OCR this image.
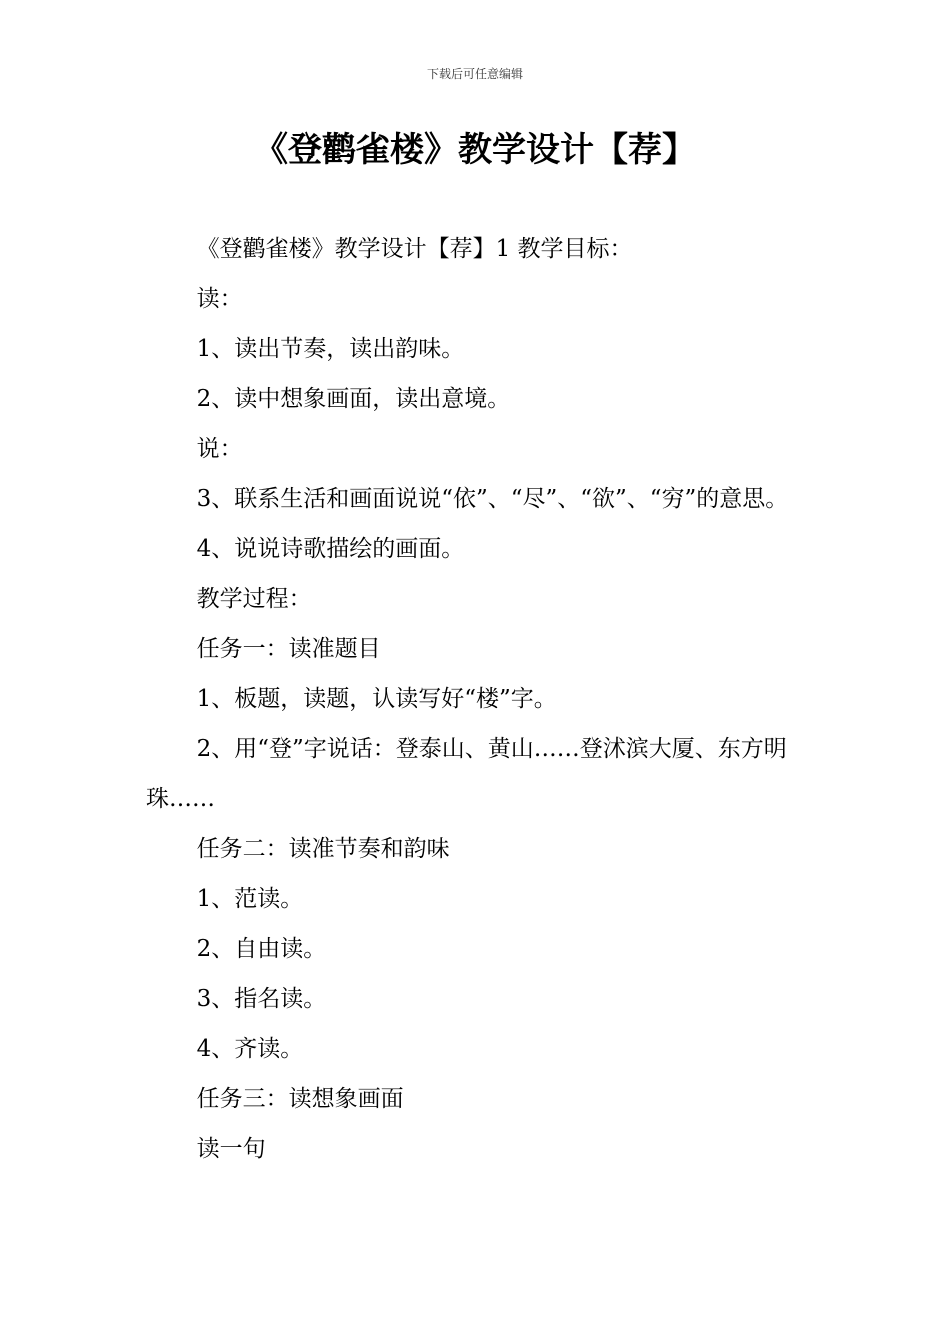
下载后可任意编辑
《登鹳雀楼》教学设计【荐】

《登鹳雀楼》教学设计【荐】1 教学目标：

读：

1、读出节奏，读出韵味。

2、读中想象画面，读出意境。

说：

3、联系生活和画面说说“依”、“尽”、“欲”、“穷”的意思。

4、说说诗歌描绘的画面。

教学过程：

任务一：读准题目

1、板题，读题，认读写好“楼”字。

2、用“登”字说话：登泰山、黄山……登沭滨大厦、东方明珠……

任务二：读准节奏和韵味

1、范读。

2、自由读。

3、指名读。

4、齐读。

任务三：读想象画面

读一句
